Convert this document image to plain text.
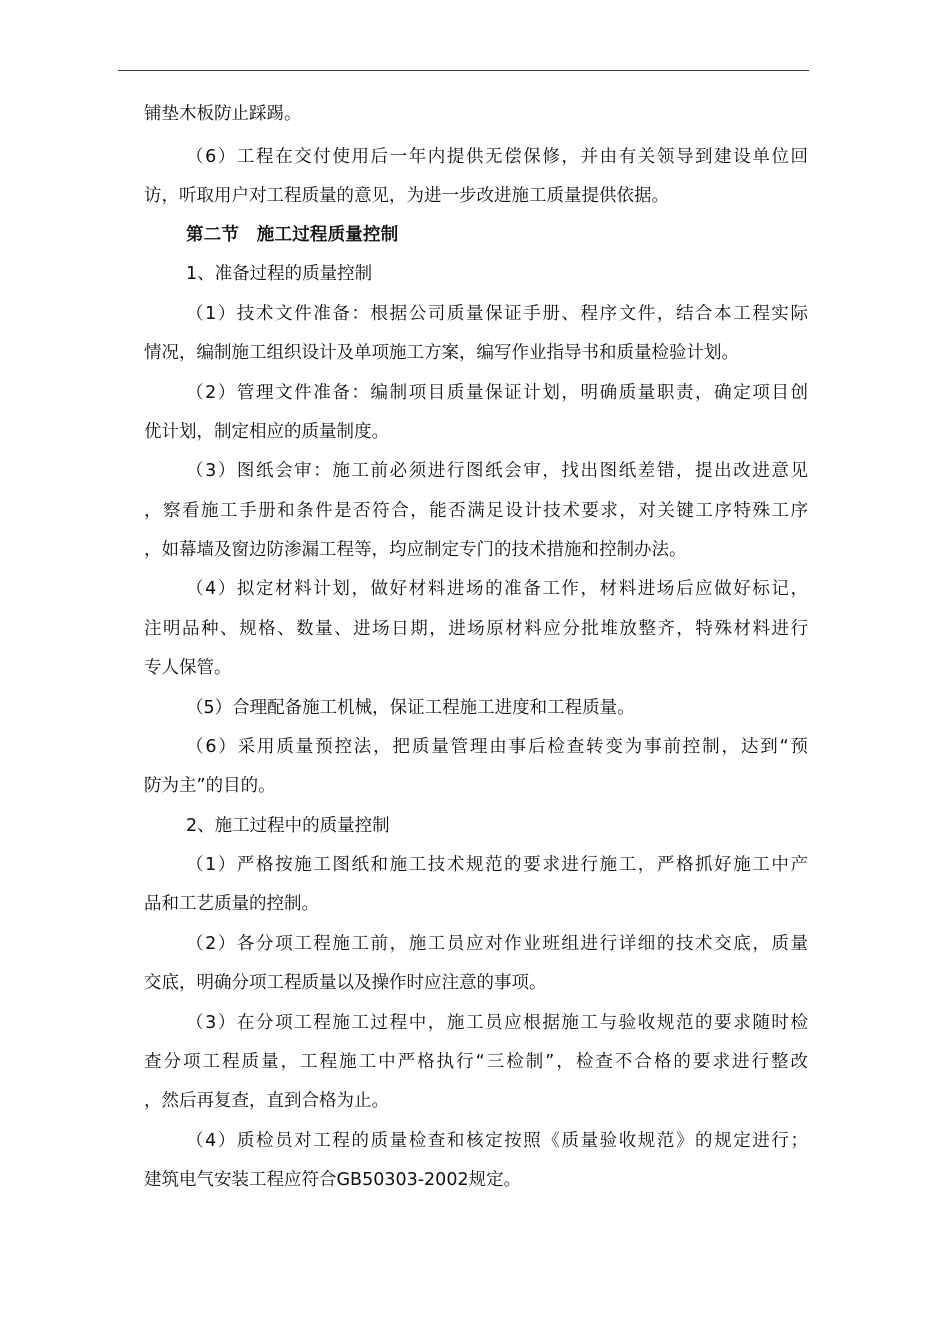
铺垫木板防止踩踢。
（6）工程在交付使用后一年内提供无偿保修，并由有关领导到建设单位回
访，听取用户对工程质量的意见，为进一步改进施工质量提供依据。
第二节　施工过程质量控制
1、准备过程的质量控制
（1）技术文件准备：根据公司质量保证手册、程序文件，结合本工程实际
情况，编制施工组织设计及单项施工方案，编写作业指导书和质量检验计划。
（2）管理文件准备：编制项目质量保证计划，明确质量职责，确定项目创
优计划，制定相应的质量制度。
（3）图纸会审：施工前必须进行图纸会审，找出图纸差错，提出改进意见
，察看施工手册和条件是否符合，能否满足设计技术要求，对关键工序特殊工序
，如幕墙及窗边防渗漏工程等，均应制定专门的技术措施和控制办法。
（4）拟定材料计划，做好材料进场的准备工作，材料进场后应做好标记，
注明品种、规格、数量、进场日期，进场原材料应分批堆放整齐，特殊材料进行
专人保管。
（5）合理配备施工机械，保证工程施工进度和工程质量。
（6）采用质量预控法，把质量管理由事后检查转变为事前控制，达到“预
防为主”的目的。
2、施工过程中的质量控制
（1）严格按施工图纸和施工技术规范的要求进行施工，严格抓好施工中产
品和工艺质量的控制。
（2）各分项工程施工前，施工员应对作业班组进行详细的技术交底，质量
交底，明确分项工程质量以及操作时应注意的事项。
（3）在分项工程施工过程中，施工员应根据施工与验收规范的要求随时检
查分项工程质量，工程施工中严格执行“三检制”，检查不合格的要求进行整改
，然后再复查，直到合格为止。
（4）质检员对工程的质量检查和核定按照《质量验收规范》的规定进行；
建筑电气安装工程应符合GB50303-2002规定。
